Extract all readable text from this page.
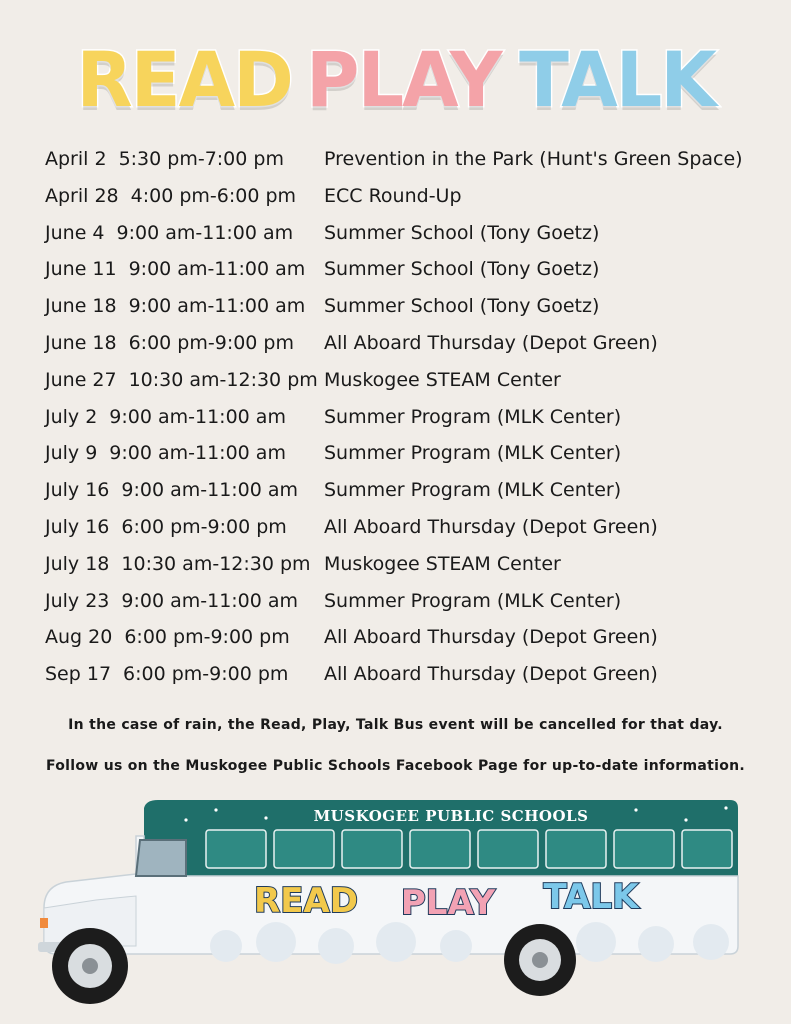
READ PLAY TALK
April 2 5:30 pm-7:00 pm Prevention in the Park (Hunt's Green Space)
April 28 4:00 pm-6:00 pm ECC Round-Up
June 4 9:00 am-11:00 am Summer School (Tony Goetz)
June 11 9:00 am-11:00 am Summer School (Tony Goetz)
June 18 9:00 am-11:00 am Summer School (Tony Goetz)
June 18 6:00 pm-9:00 pm All Aboard Thursday (Depot Green)
June 27 10:30 am-12:30 pm Muskogee STEAM Center
July 2 9:00 am-11:00 am Summer Program (MLK Center)
July 9 9:00 am-11:00 am Summer Program (MLK Center)
July 16 9:00 am-11:00 am Summer Program (MLK Center)
July 16 6:00 pm-9:00 pm All Aboard Thursday (Depot Green)
July 18 10:30 am-12:30 pm Muskogee STEAM Center
July 23 9:00 am-11:00 am Summer Program (MLK Center)
Aug 20 6:00 pm-9:00 pm All Aboard Thursday (Depot Green)
Sep 17 6:00 pm-9:00 pm All Aboard Thursday (Depot Green)
In the case of rain, the Read, Play, Talk Bus event will be cancelled for that day.
Follow us on the Muskogee Public Schools Facebook Page for up-to-date information.
MUSKOGEE PUBLIC SCHOOLS
READ PLAY TALK
